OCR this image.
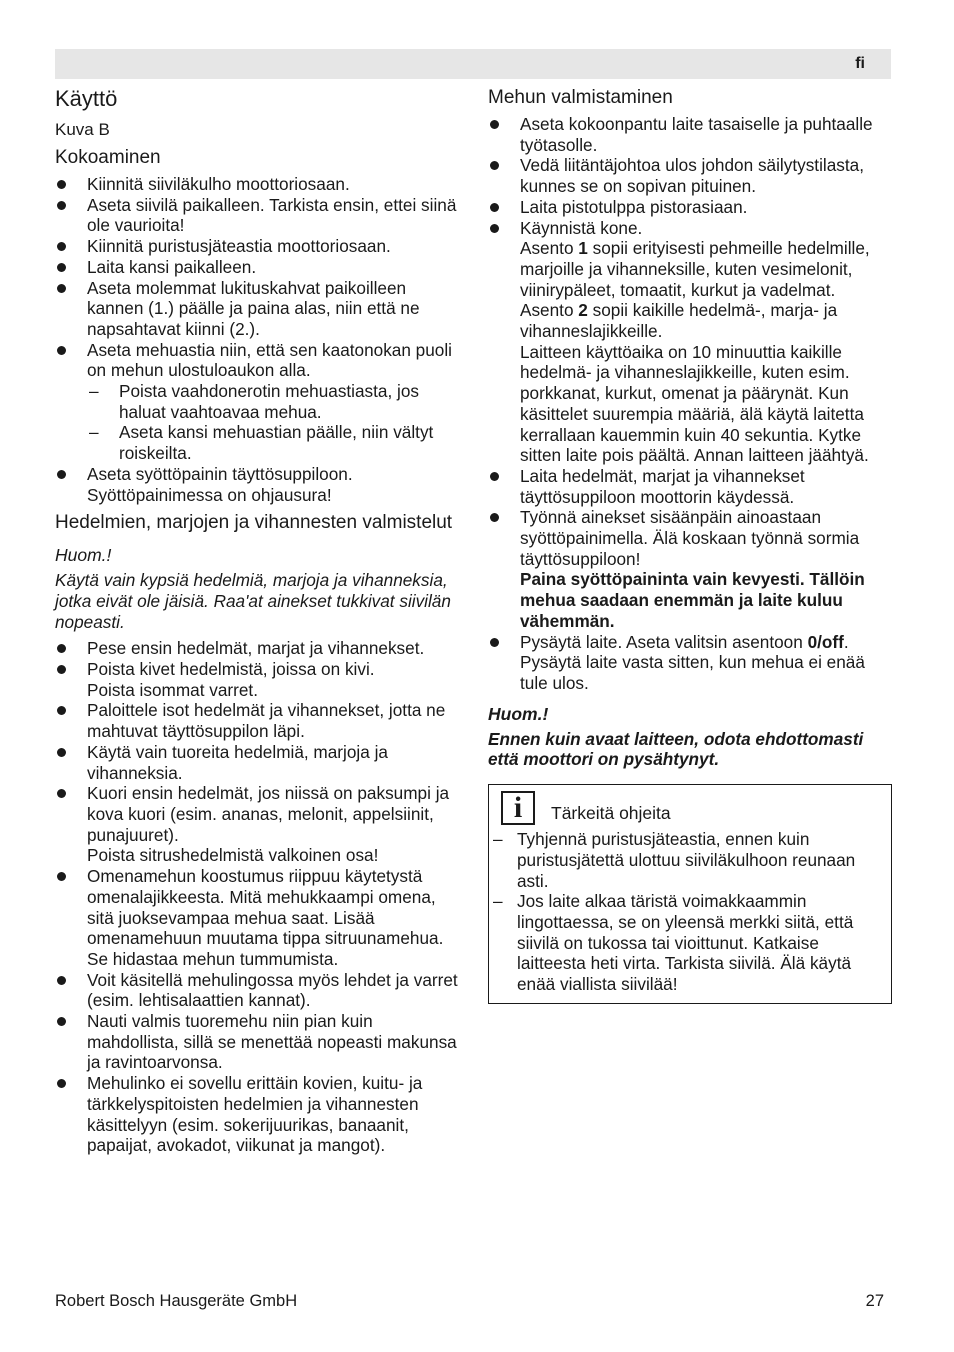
fi
Käyttö
Kuva B
Kokoaminen
Kiinnitä siiviläkulho moottoriosaan.
Aseta siivilä paikalleen. Tarkista ensin, ettei siinä ole vaurioita!
Kiinnitä puristusjäteastia moottoriosaan.
Laita kansi paikalleen.
Aseta molemmat lukituskahvat paikoilleen kannen (1.) päälle ja paina alas, niin että ne napsahtavat kiinni (2.).
Aseta mehuastia niin, että sen kaatonokan puoli on mehun ulostuloaukon alla.
– Poista vaahdonerotin mehuastiasta, jos haluat vaahtoavaa mehua.
– Aseta kansi mehuastian päälle, niin vältyt roiskeilta.
Aseta syöttöpainin täyttösuppiloon.
Syöttöpainimessa on ohjausura!
Hedelmien, marjojen ja vihannesten valmistelut
Huom.!
Käytä vain kypsiä hedelmiä, marjoja ja vihanneksia, jotka eivät ole jäisiä. Raa'at ainekset tukkivat siivilän nopeasti.
Pese ensin hedelmät, marjat ja vihannekset.
Poista kivet hedelmistä, joissa on kivi.
Poista isommat varret.
Paloittele isot hedelmät ja vihannekset, jotta ne mahtuvat täyttösuppilon läpi.
Käytä vain tuoreita hedelmiä, marjoja ja vihanneksia.
Kuori ensin hedelmät, jos niissä on paksumpi ja kova kuori (esim. ananas, melonit, appelsiinit, punajuuret).
Poista sitrushedelmistä valkoinen osa!
Omenamehun koostumus riippuu käytetystä omenalajikkeesta. Mitä mehukkaampi omena, sitä juoksevampaa mehua saat. Lisää omenamehuun muutama tippa sitruunamehua. Se hidastaa mehun tummumista.
Voit käsitellä mehulingossa myös lehdet ja varret (esim. lehtisalaattien kannat).
Nauti valmis tuoremehu niin pian kuin mahdollista, sillä se menettää nopeasti makunsa ja ravintoarvonsa.
Mehulinko ei sovellu erittäin kovien, kuitu- ja tärkkelyspitoisten hedelmien ja vihannesten käsittelyyn (esim. sokerijuurikas, banaanit, papaijat, avokadot, viikunat ja mangot).
Mehun valmistaminen
Aseta kokoonpantu laite tasaiselle ja puhtaalle työtasolle.
Vedä liitäntäjohtoa ulos johdon säilytystilasta, kunnes se on sopivan pituinen.
Laita pistotulppa pistorasiaan.
Käynnistä kone.
Asento 1 sopii erityisesti pehmeille hedelmille, marjoille ja vihanneksille, kuten vesimelonit, viinirypäleet, tomaatit, kurkut ja vadelmat.
Asento 2 sopii kaikille hedelmä-, marja- ja vihanneslajikkeille.
Laitteen käyttöaika on 10 minuuttia kaikille hedelmä- ja vihanneslajikkeille, kuten esim. porkkanat, kurkut, omenat ja päärynät. Kun käsittelet suurempia määriä, älä käytä laitetta kerrallaan kauemmin kuin 40 sekuntia. Kytke sitten laite pois päältä. Annan laitteen jäähtyä.
Laita hedelmät, marjat ja vihannekset täyttösuppiloon moottorin käydessä.
Työnnä ainekset sisäänpäin ainoastaan syöttöpainimella. Älä koskaan työnnä sormia täyttösuppiloon!
Paina syöttöpaininta vain kevyesti. Tällöin mehua saadaan enemmän ja laite kuluu vähemmän.
Pysäytä laite. Aseta valitsin asentoon 0/off.
Pysäytä laite vasta sitten, kun mehua ei enää tule ulos.
Huom.!
Ennen kuin avaat laitteen, odota ehdottomasti että moottori on pysähtynyt.
i	Tärkeitä ohjeita
– Tyhjennä puristusjäteastia, ennen kuin puristusjätettä ulottuu siiviläkulhoon reunaan asti.
– Jos laite alkaa täristä voimakkaammin lingottaessa, se on yleensä merkki siitä, että siivilä on tukossa tai vioittunut. Katkaise laitteesta heti virta. Tarkista siivilä. Älä käytä enää viallista siivilää!
Robert Bosch Hausgeräte GmbH	27
